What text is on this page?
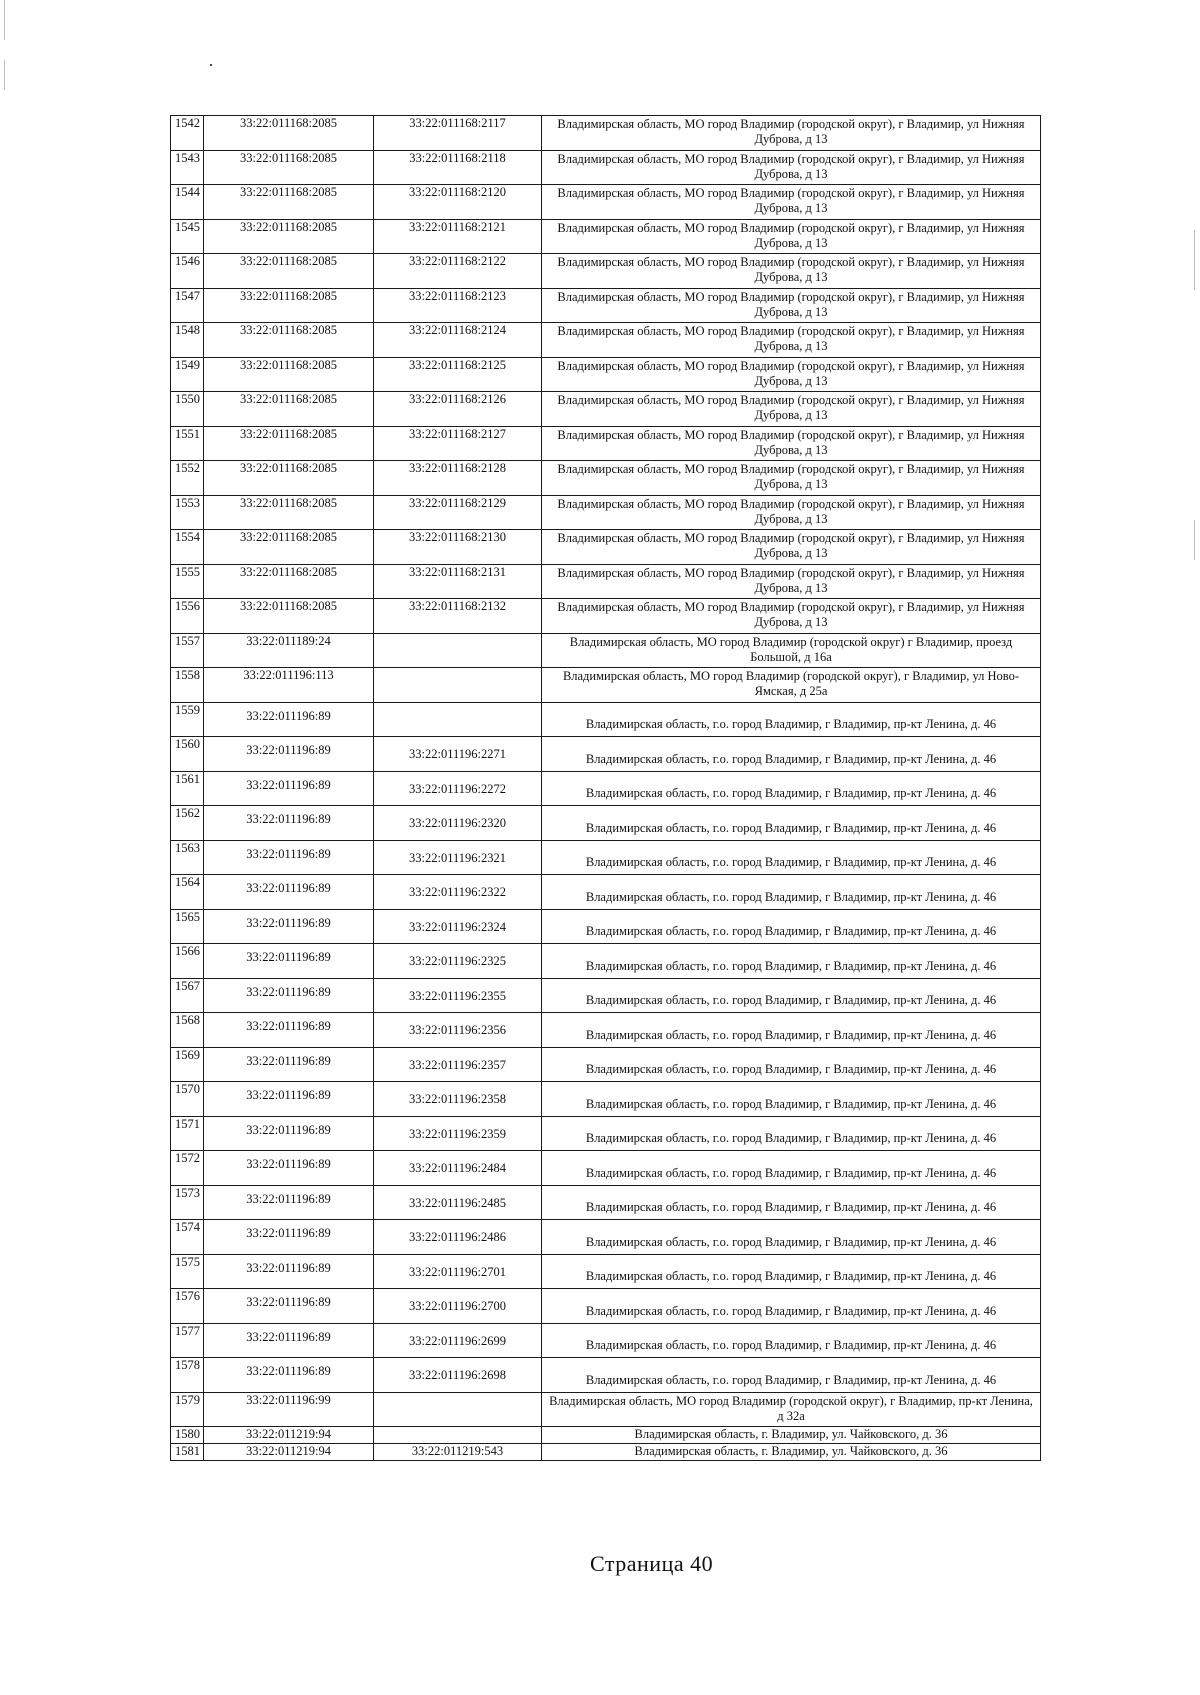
1542	33:22:011168:2085	33:22:011168:2117	Владимирская область, МО город Владимир (городской округ), г Владимир, ул Нижняя Дуброва, д 13
1543	33:22:011168:2085	33:22:011168:2118	Владимирская область, МО город Владимир (городской округ), г Владимир, ул Нижняя Дуброва, д 13
1544	33:22:011168:2085	33:22:011168:2120	Владимирская область, МО город Владимир (городской округ), г Владимир, ул Нижняя Дуброва, д 13
1545	33:22:011168:2085	33:22:011168:2121	Владимирская область, МО город Владимир (городской округ), г Владимир, ул Нижняя Дуброва, д 13
1546	33:22:011168:2085	33:22:011168:2122	Владимирская область, МО город Владимир (городской округ), г Владимир, ул Нижняя Дуброва, д 13
1547	33:22:011168:2085	33:22:011168:2123	Владимирская область, МО город Владимир (городской округ), г Владимир, ул Нижняя Дуброва, д 13
1548	33:22:011168:2085	33:22:011168:2124	Владимирская область, МО город Владимир (городской округ), г Владимир, ул Нижняя Дуброва, д 13
1549	33:22:011168:2085	33:22:011168:2125	Владимирская область, МО город Владимир (городской округ), г Владимир, ул Нижняя Дуброва, д 13
1550	33:22:011168:2085	33:22:011168:2126	Владимирская область, МО город Владимир (городской округ), г Владимир, ул Нижняя Дуброва, д 13
1551	33:22:011168:2085	33:22:011168:2127	Владимирская область, МО город Владимир (городской округ), г Владимир, ул Нижняя Дуброва, д 13
1552	33:22:011168:2085	33:22:011168:2128	Владимирская область, МО город Владимир (городской округ), г Владимир, ул Нижняя Дуброва, д 13
1553	33:22:011168:2085	33:22:011168:2129	Владимирская область, МО город Владимир (городской округ), г Владимир, ул Нижняя Дуброва, д 13
1554	33:22:011168:2085	33:22:011168:2130	Владимирская область, МО город Владимир (городской округ), г Владимир, ул Нижняя Дуброва, д 13
1555	33:22:011168:2085	33:22:011168:2131	Владимирская область, МО город Владимир (городской округ), г Владимир, ул Нижняя Дуброва, д 13
1556	33:22:011168:2085	33:22:011168:2132	Владимирская область, МО город Владимир (городской округ), г Владимир, ул Нижняя Дуброва, д 13
1557	33:22:011189:24		Владимирская область, МО город Владимир (городской округ) г Владимир, проезд Большой, д 16а
1558	33:22:011196:113		Владимирская область, МО город Владимир (городской округ), г Владимир, ул Ново-Ямская, д 25а
1559	33:22:011196:89		Владимирская область, г.о. город Владимир, г Владимир, пр-кт Ленина, д. 46
1560	33:22:011196:89	33:22:011196:2271	Владимирская область, г.о. город Владимир, г Владимир, пр-кт Ленина, д. 46
1561	33:22:011196:89	33:22:011196:2272	Владимирская область, г.о. город Владимир, г Владимир, пр-кт Ленина, д. 46
1562	33:22:011196:89	33:22:011196:2320	Владимирская область, г.о. город Владимир, г Владимир, пр-кт Ленина, д. 46
1563	33:22:011196:89	33:22:011196:2321	Владимирская область, г.о. город Владимир, г Владимир, пр-кт Ленина, д. 46
1564	33:22:011196:89	33:22:011196:2322	Владимирская область, г.о. город Владимир, г Владимир, пр-кт Ленина, д. 46
1565	33:22:011196:89	33:22:011196:2324	Владимирская область, г.о. город Владимир, г Владимир, пр-кт Ленина, д. 46
1566	33:22:011196:89	33:22:011196:2325	Владимирская область, г.о. город Владимир, г Владимир, пр-кт Ленина, д. 46
1567	33:22:011196:89	33:22:011196:2355	Владимирская область, г.о. город Владимир, г Владимир, пр-кт Ленина, д. 46
1568	33:22:011196:89	33:22:011196:2356	Владимирская область, г.о. город Владимир, г Владимир, пр-кт Ленина, д. 46
1569	33:22:011196:89	33:22:011196:2357	Владимирская область, г.о. город Владимир, г Владимир, пр-кт Ленина, д. 46
1570	33:22:011196:89	33:22:011196:2358	Владимирская область, г.о. город Владимир, г Владимир, пр-кт Ленина, д. 46
1571	33:22:011196:89	33:22:011196:2359	Владимирская область, г.о. город Владимир, г Владимир, пр-кт Ленина, д. 46
1572	33:22:011196:89	33:22:011196:2484	Владимирская область, г.о. город Владимир, г Владимир, пр-кт Ленина, д. 46
1573	33:22:011196:89	33:22:011196:2485	Владимирская область, г.о. город Владимир, г Владимир, пр-кт Ленина, д. 46
1574	33:22:011196:89	33:22:011196:2486	Владимирская область, г.о. город Владимир, г Владимир, пр-кт Ленина, д. 46
1575	33:22:011196:89	33:22:011196:2701	Владимирская область, г.о. город Владимир, г Владимир, пр-кт Ленина, д. 46
1576	33:22:011196:89	33:22:011196:2700	Владимирская область, г.о. город Владимир, г Владимир, пр-кт Ленина, д. 46
1577	33:22:011196:89	33:22:011196:2699	Владимирская область, г.о. город Владимир, г Владимир, пр-кт Ленина, д. 46
1578	33:22:011196:89	33:22:011196:2698	Владимирская область, г.о. город Владимир, г Владимир, пр-кт Ленина, д. 46
1579	33:22:011196:99		Владимирская область, МО город Владимир (городской округ), г Владимир, пр-кт Ленина, д 32а
1580	33:22:011219:94		Владимирская область, г. Владимир, ул. Чайковского, д. 36
1581	33:22:011219:94	33:22:011219:543	Владимирская область, г. Владимир, ул. Чайковского, д. 36
Страница 40
